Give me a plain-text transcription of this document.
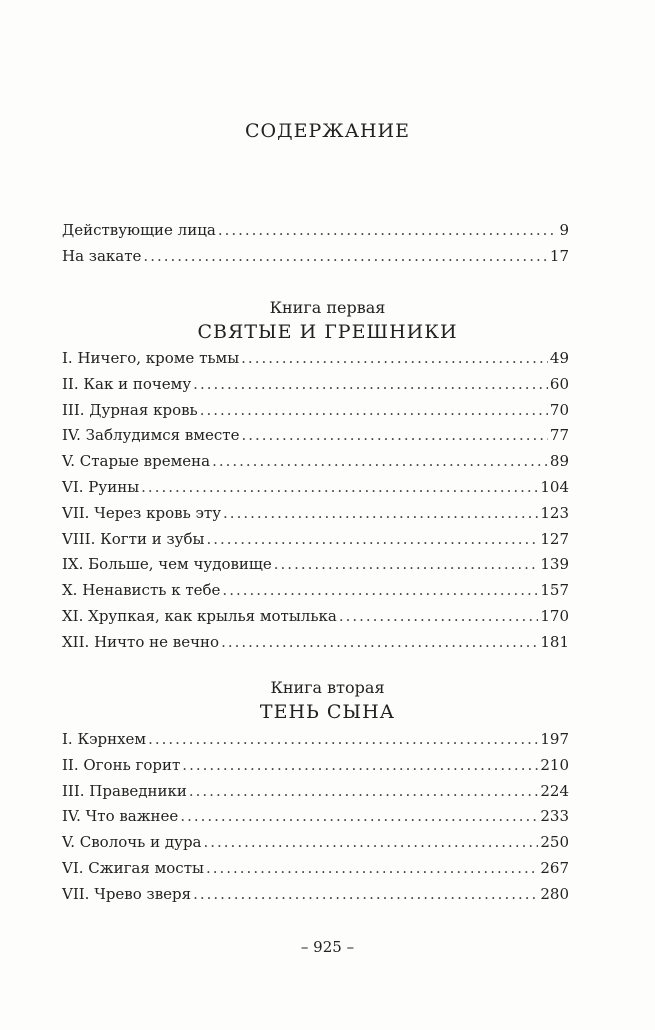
СОДЕРЖАНИЕ
Действующие лица .....	9
На закате .....	17
Книга первая
СВЯТЫЕ И ГРЕШНИКИ
I. Ничего, кроме тьмы .....	49
II. Как и почему .....	60
III. Дурная кровь .....	70
IV. Заблудимся вместе .....	77
V. Старые времена .....	89
VI. Руины .....	104
VII. Через кровь эту .....	123
VIII. Когти и зубы .....	127
IX. Больше, чем чудовище .....	139
X. Ненависть к тебе .....	157
XI. Хрупкая, как крылья мотылька .....	170
XII. Ничто не вечно .....	181
Книга вторая
ТЕНЬ СЫНА
I. Кэрнхем .....	197
II. Огонь горит .....	210
III. Праведники .....	224
IV. Что важнее .....	233
V. Сволочь и дура .....	250
VI. Сжигая мосты .....	267
VII. Чрево зверя .....	280
– 925 –
